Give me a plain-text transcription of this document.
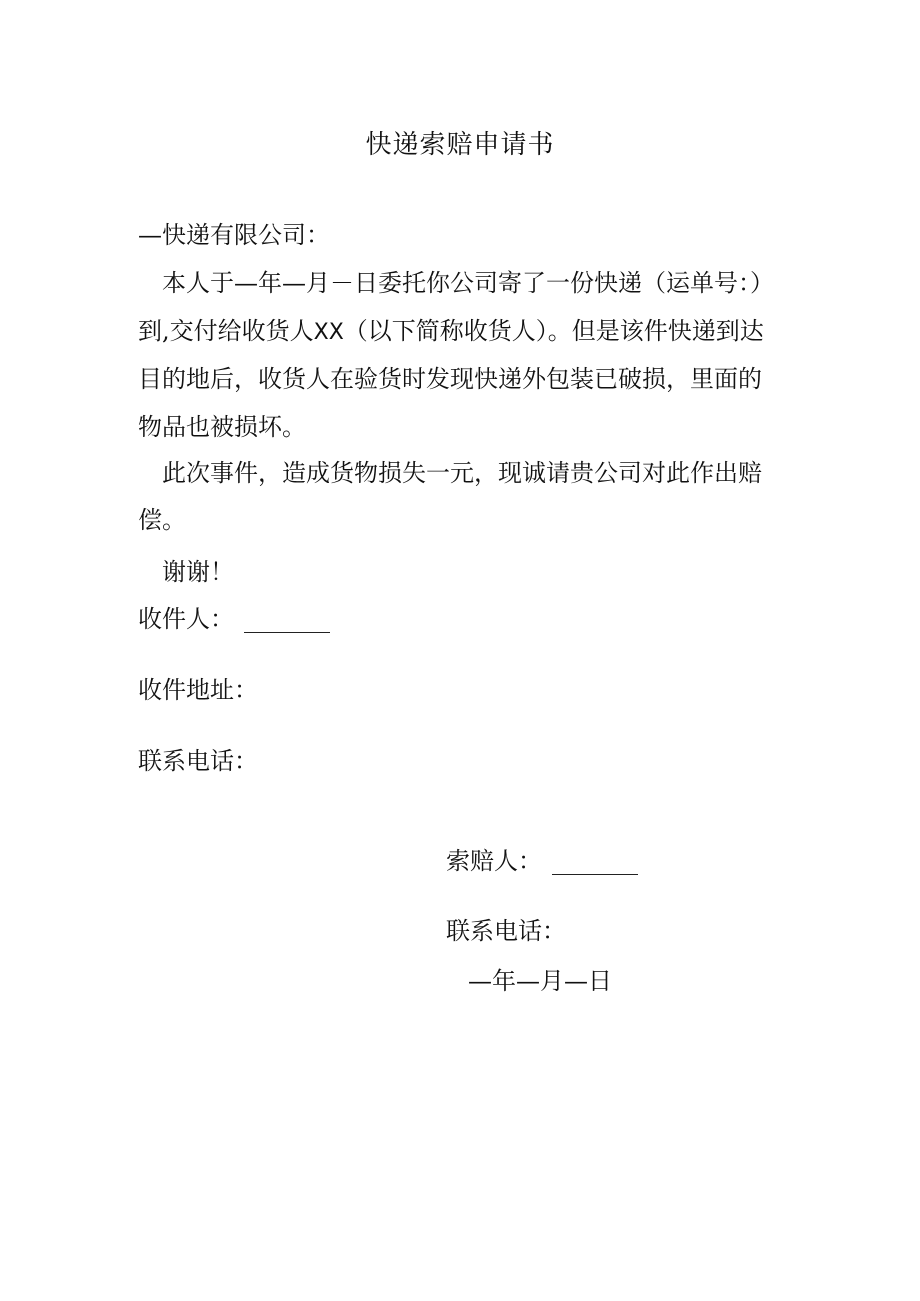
快递索赔申请书
—快递有限公司：
本人于—年—月－日委托你公司寄了一份快递（运单号：）
到,交付给收货人XX（以下简称收货人）。但是该件快递到达
目的地后，收货人在验货时发现快递外包装已破损，里面的
物品也被损坏。
此次事件，造成货物损失一元，现诚请贵公司对此作出赔
偿。
谢谢！
收件人：
收件地址：
联系电话：
索赔人：
联系电话：
—年—月—日
